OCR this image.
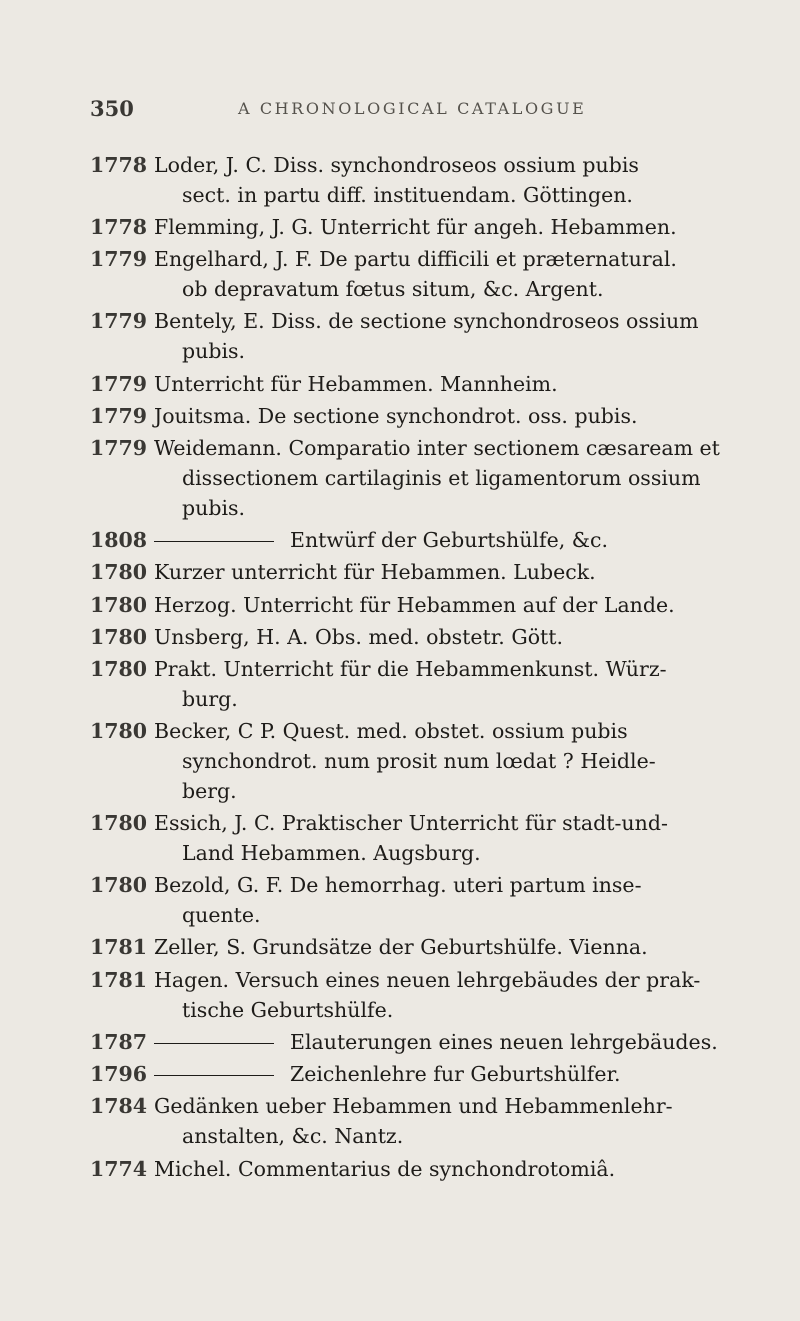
350	A CHRONOLOGICAL CATALOGUE
1778 Loder, J. C. Diss. synchondroseos ossium pubis
sect. in partu diff. instituendam. Göttingen.
1778 Flemming, J. G. Unterricht für angeh. Hebammen.
1779 Engelhard, J. F. De partu difficili et præternatural.
ob depravatum fœtus situm, &c. Argent.
1779 Bentely, E. Diss. de sectione synchondroseos ossium
pubis.
1779 Unterricht für Hebammen. Mannheim.
1779 Jouitsma. De sectione synchondrot. oss. pubis.
1779 Weidemann. Comparatio inter sectionem cæsaream et
dissectionem cartilaginis et ligamentorum ossium
pubis.
1808	Entwürf der Geburtshülfe, &c.
1780 Kurzer unterricht für Hebammen. Lubeck.
1780 Herzog. Unterricht für Hebammen auf der Lande.
1780 Unsberg, H. A. Obs. med. obstetr. Gött.
1780 Prakt. Unterricht für die Hebammenkunst. Würz-
burg.
1780 Becker, C P. Quest. med. obstet. ossium pubis
synchondrot. num prosit num lœdat ? Heidle-
berg.
1780 Essich, J. C. Praktischer Unterricht für stadt-und-
Land Hebammen. Augsburg.
1780 Bezold, G. F. De hemorrhag. uteri partum inse-
quente.
1781 Zeller, S. Grundsätze der Geburtshülfe. Vienna.
1781 Hagen. Versuch eines neuen lehrgebäudes der prak-
tische Geburtshülfe.
1787	Elauterungen eines neuen lehrgebäudes.
1796	Zeichenlehre fur Geburtshülfer.
1784 Gedänken ueber Hebammen und Hebammenlehr-
anstalten, &c. Nantz.
1774 Michel. Commentarius de synchondrotomiâ.
